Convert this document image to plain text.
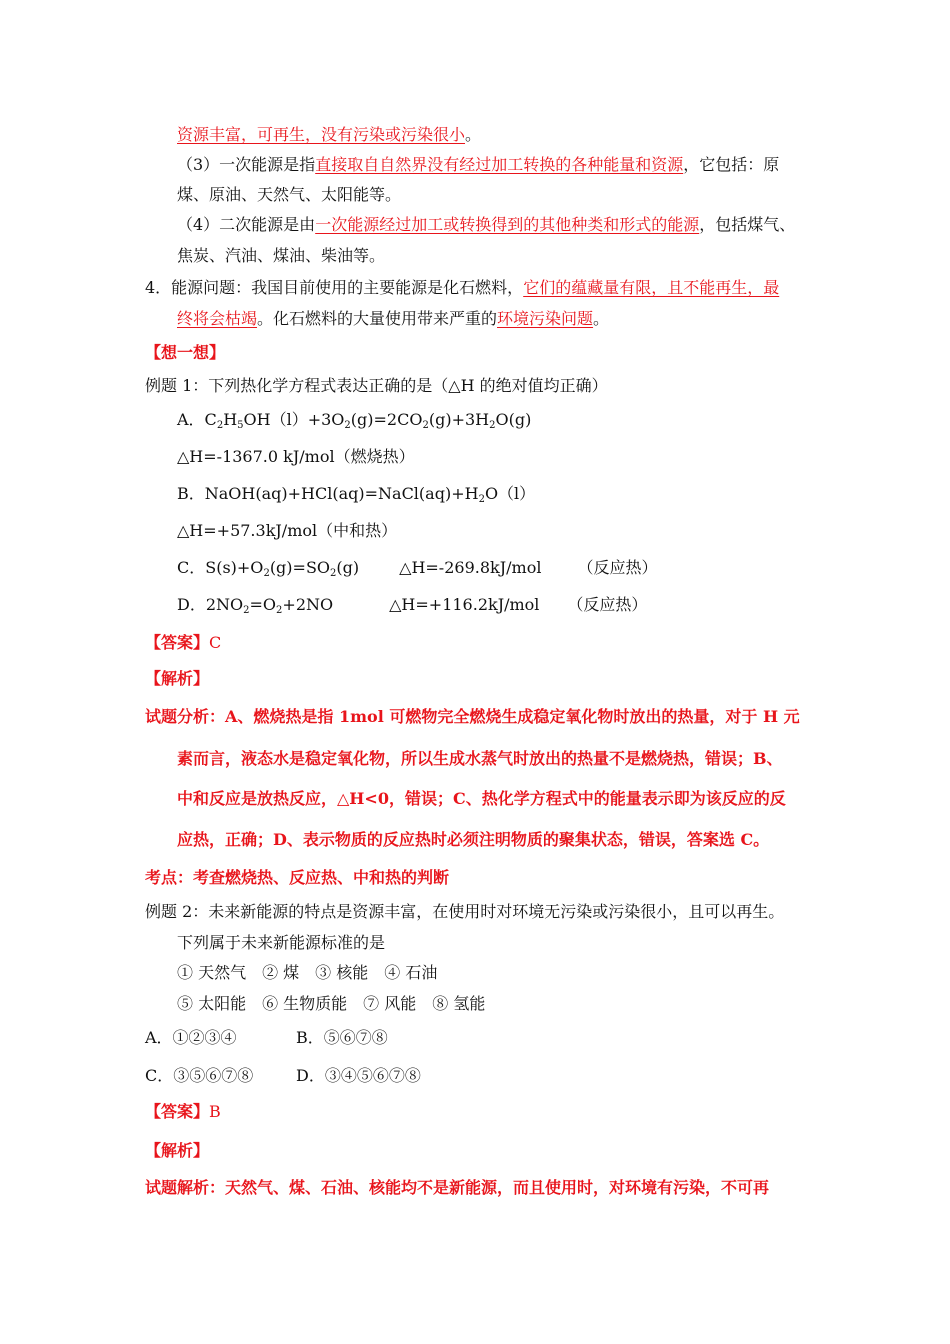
资源丰富，可再生，没有污染或污染很小。
（3）一次能源是指直接取自自然界没有经过加工转换的各种能量和资源，它包括：原
煤、原油、天然气、太阳能等。
（4）二次能源是由一次能源经过加工或转换得到的其他种类和形式的能源，包括煤气、
焦炭、汽油、煤油、柴油等。
4．能源问题：我国目前使用的主要能源是化石燃料，它们的蕴藏量有限，且不能再生，最
终将会枯竭。化石燃料的大量使用带来严重的环境污染问题。
【想一想】
例题 1：下列热化学方程式表达正确的是（△H 的绝对值均正确）
A．$C_2H_5OH(l)+3O_2(g)=2CO_2(g)+3H_2O(g)$
△H=-1367.0 kJ/mol（燃烧热）
B．$NaOH(aq)+HCl(aq)=NaCl(aq)+H_2O(l)$
△H=+57.3kJ/mol（中和热）
C．$S(s)+O_2(g)=SO_2(g)$	△H=-269.8kJ/mol （反应热）
D．$2NO_2=O_2+2NO$	△H=+116.2kJ/mol （反应热）
【答案】C
【解析】
试题分析：A、燃烧热是指 1mol 可燃物完全燃烧生成稳定氧化物时放出的热量，对于 H 元
素而言，液态水是稳定氧化物，所以生成水蒸气时放出的热量不是燃烧热，错误；B、
中和反应是放热反应，△H<0，错误；C、热化学方程式中的能量表示即为该反应的反
应热，正确；D、表示物质的反应热时必须注明物质的聚集状态，错误，答案选 C。
考点：考查燃烧热、反应热、中和热的判断
例题 2：未来新能源的特点是资源丰富，在使用时对环境无污染或污染很小，且可以再生。
下列属于未来新能源标准的是
① 天然气　② 煤　③ 核能　④ 石油
⑤ 太阳能　⑥ 生物质能　⑦ 风能　⑧ 氢能
A．①②③④	B．⑤⑥⑦⑧
C．③⑤⑥⑦⑧	D．③④⑤⑥⑦⑧
【答案】B
【解析】
试题解析：天然气、煤、石油、核能均不是新能源，而且使用时，对环境有污染，不可再
